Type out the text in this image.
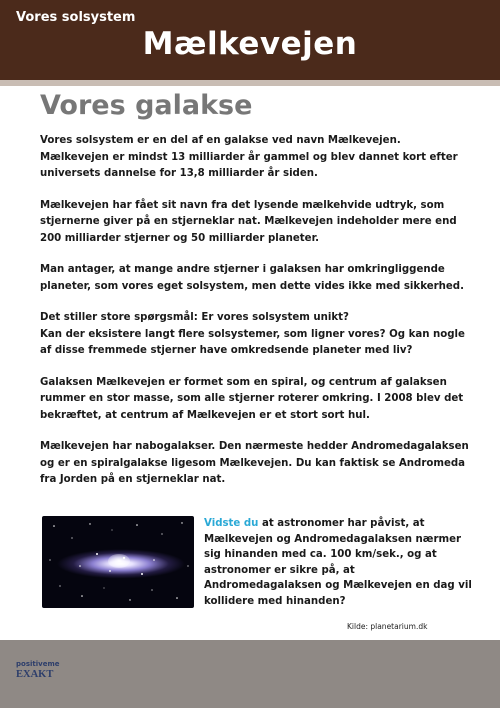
Vores solsystem
Mælkevejen
Vores galakse

Vores solsystem er en del af en galakse ved navn Mælkevejen. Mælkevejen er mindst 13 milliarder år gammel og blev dannet kort efter universets dannelse for 13,8 milliarder år siden.

Mælkevejen har fået sit navn fra det lysende mælkehvide udtryk, som stjernerne giver på en stjerneklar nat. Mælkevejen indeholder mere end 200 milliarder stjerner og 50 milliarder planeter.

Man antager, at mange andre stjerner i galaksen har omkringliggende planeter, som vores eget solsystem, men dette vides ikke med sikkerhed.

Det stiller store spørgsmål: Er vores solsystem unikt?
Kan der eksistere langt flere solsystemer, som ligner vores? Og kan nogle af disse fremmede stjerner have omkredsende planeter med liv?

Galaksen Mælkevejen er formet som en spiral, og centrum af galaksen rummer en stor masse, som alle stjerner roterer omkring. I 2008 blev det bekræftet, at centrum af Mælkevejen er et stort sort hul.

Mælkevejen har nabogalakser. Den nærmeste hedder Andromedagalaksen og er en spiralgalakse ligesom Mælkevejen. Du kan faktisk se Andromeda fra Jorden på en stjerneklar nat.

Vidste du at astronomer har påvist, at Mælkevejen og Andromedagalaksen nærmer sig hinanden med ca. 100 km/sek., og at astronomer er sikre på, at Andromedagalaksen og Mælkevejen en dag vil kollidere med hinanden?
Kilde: planetarium.dk
positiveme
EXAKT
